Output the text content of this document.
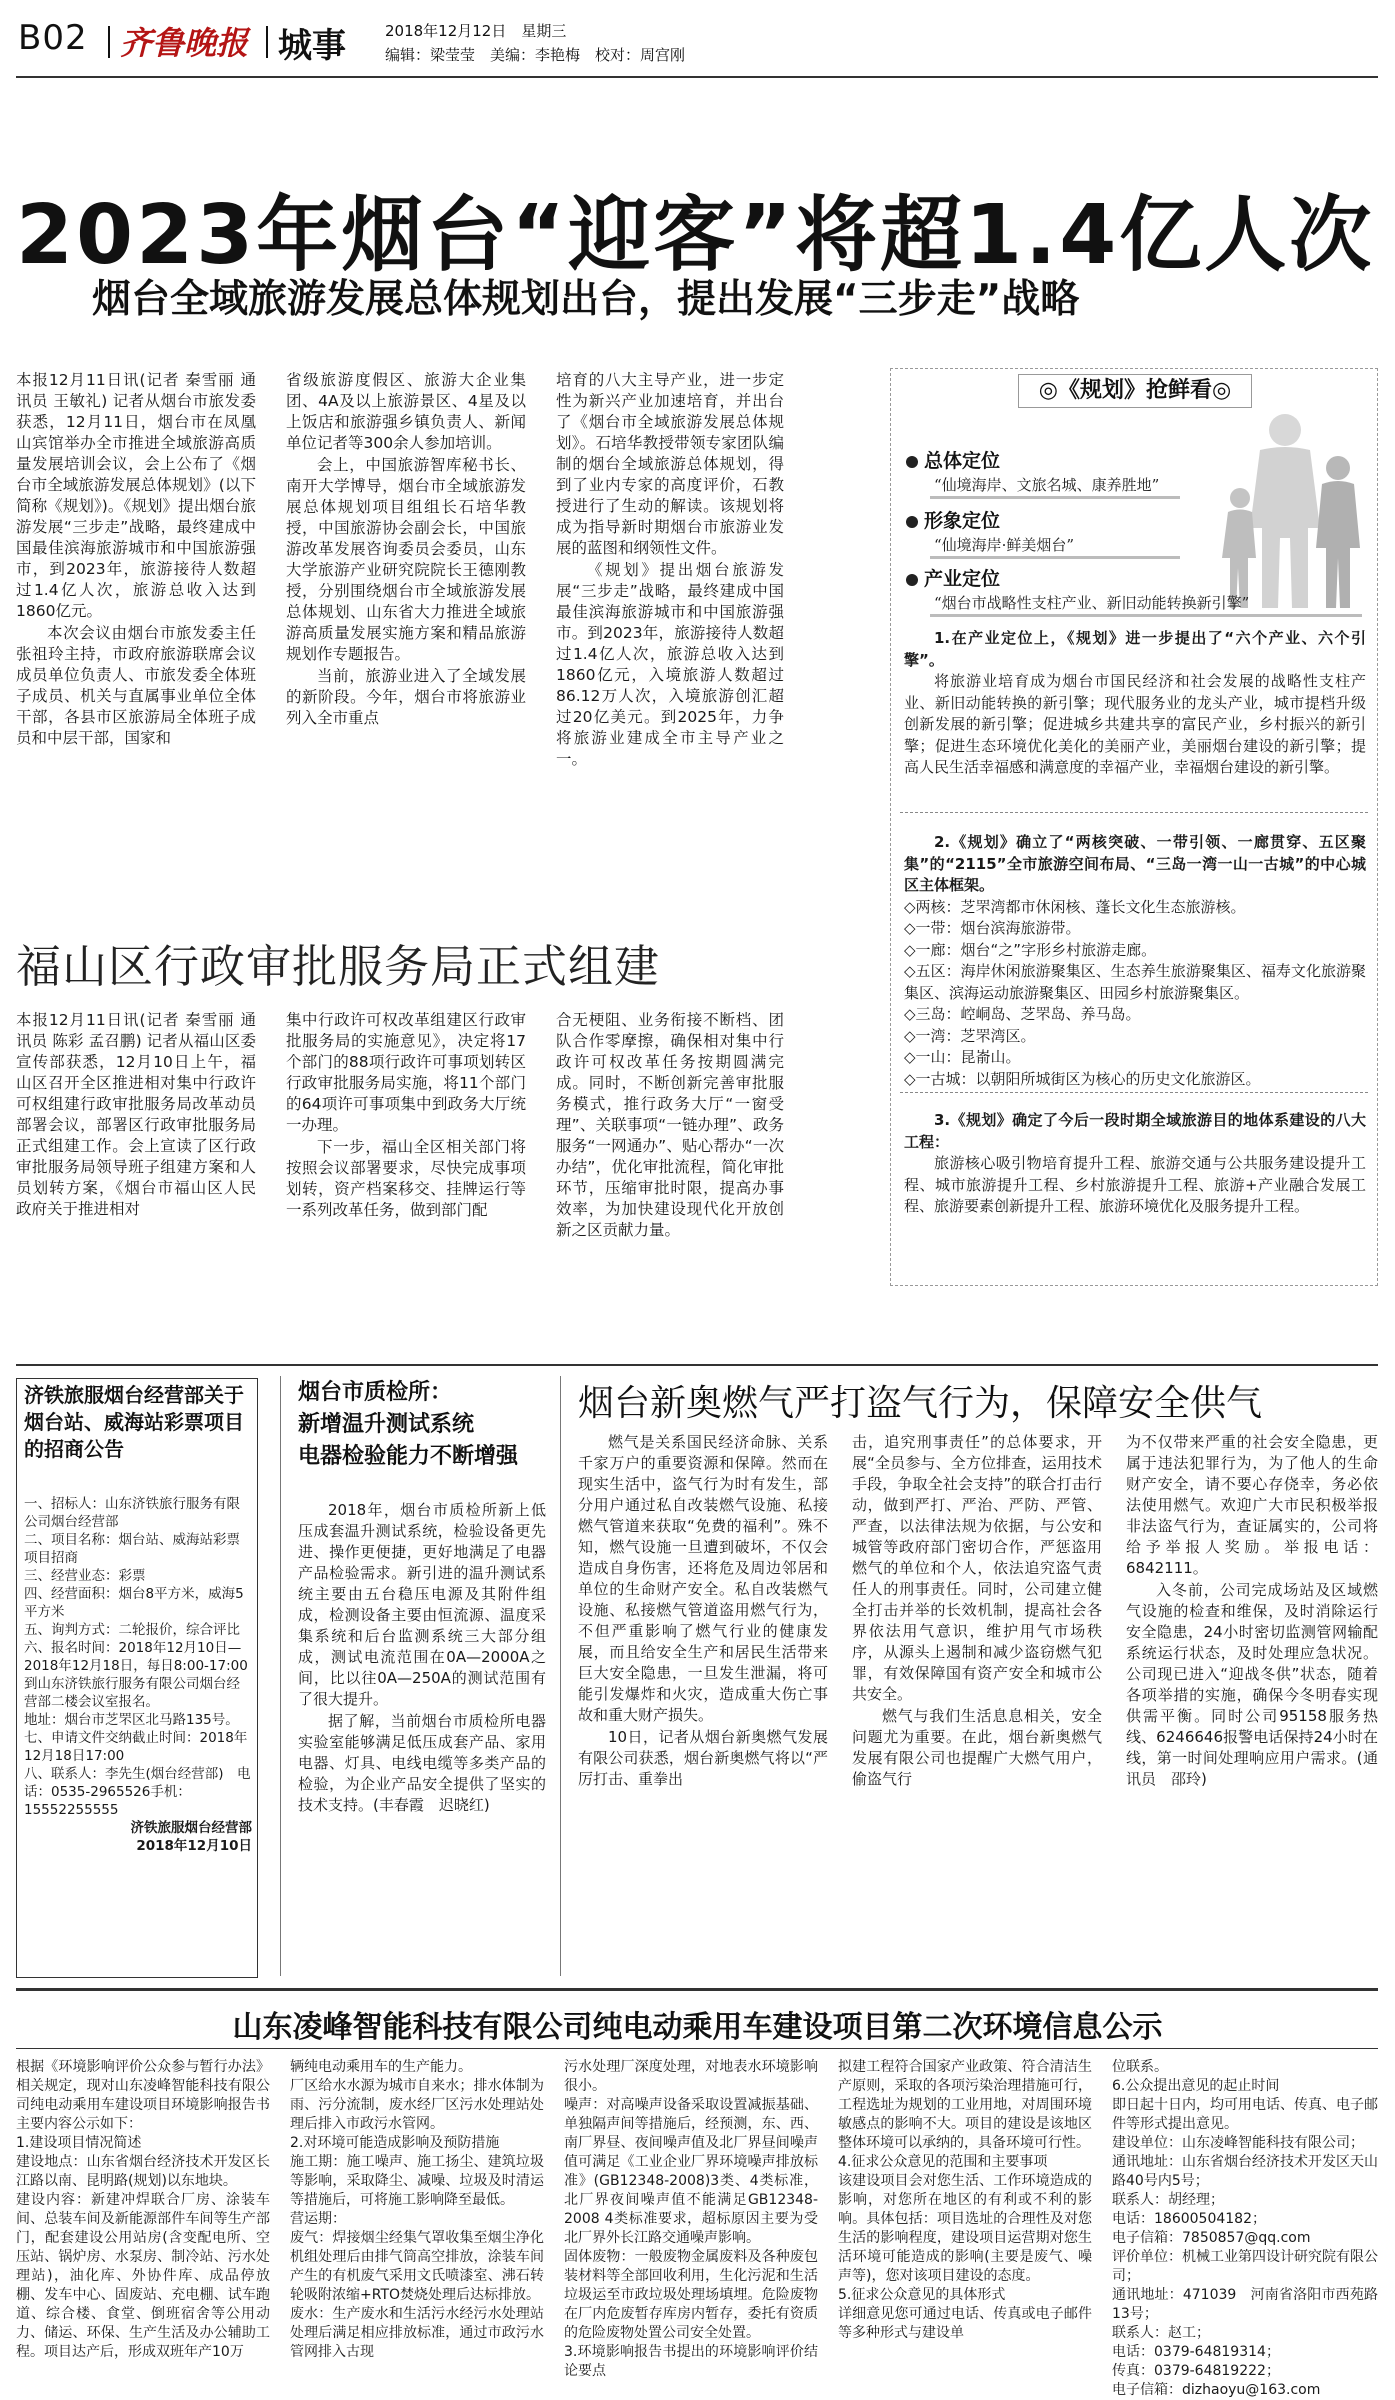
B02 齐鲁晚报 城事	2018年12月12日　星期三
编辑：梁莹莹　美编：李艳梅　校对：周宫刚
2023年烟台“迎客”将超1.4亿人次
烟台全域旅游发展总体规划出台，提出发展“三步走”战略

本报12月11日讯(记者 秦雪丽 通讯员 王敏礼) 记者从烟台市旅发委获悉，12月11日，烟台市在凤凰山宾馆举办全市推进全域旅游高质量发展培训会议，会上公布了《烟台市全域旅游发展总体规划》(以下简称《规划》)。《规划》提出烟台旅游发展“三步走”战略，最终建成中国最佳滨海旅游城市和中国旅游强市，到2023年，旅游接待人数超过1.4亿人次，旅游总收入达到1860亿元。

本次会议由烟台市旅发委主任张祖玲主持，市政府旅游联席会议成员单位负责人、市旅发委全体班子成员、机关与直属事业单位全体干部，各县市区旅游局全体班子成员和中层干部，国家和

省级旅游度假区、旅游大企业集团、4A及以上旅游景区、4星及以上饭店和旅游强乡镇负责人、新闻单位记者等300余人参加培训。

会上，中国旅游智库秘书长、南开大学博导，烟台市全域旅游发展总体规划项目组组长石培华教授，中国旅游协会副会长，中国旅游改革发展咨询委员会委员，山东大学旅游产业研究院院长王德刚教授，分别围绕烟台市全域旅游发展总体规划、山东省大力推进全域旅游高质量发展实施方案和精品旅游规划作专题报告。

当前，旅游业进入了全域发展的新阶段。今年，烟台市将旅游业列入全市重点

培育的八大主导产业，进一步定性为新兴产业加速培育，并出台了《烟台市全域旅游发展总体规划》。石培华教授带领专家团队编制的烟台全域旅游总体规划，得到了业内专家的高度评价，石教授进行了生动的解读。该规划将成为指导新时期烟台市旅游业发展的蓝图和纲领性文件。

《规划》提出烟台旅游发展“三步走”战略，最终建成中国最佳滨海旅游城市和中国旅游强市。到2023年，旅游接待人数超过1.4亿人次，旅游总收入达到1860亿元，入境旅游人数超过86.12万人次，入境旅游创汇超过20亿美元。到2025年，力争将旅游业建成全市主导产业之一。

◎《规划》抢鲜看◎
总体定位
“仙境海岸、文旅名城、康养胜地”
形象定位
“仙境海岸·鲜美烟台”
产业定位
“烟台市战略性支柱产业、新旧动能转换新引擎”

1.在产业定位上，《规划》进一步提出了“六个产业、六个引擎”。

将旅游业培育成为烟台市国民经济和社会发展的战略性支柱产业、新旧动能转换的新引擎；现代服务业的龙头产业，城市提档升级创新发展的新引擎；促进城乡共建共享的富民产业，乡村振兴的新引擎；促进生态环境优化美化的美丽产业，美丽烟台建设的新引擎；提高人民生活幸福感和满意度的幸福产业，幸福烟台建设的新引擎。

2.《规划》确立了“两核突破、一带引领、一廊贯穿、五区聚集”的“2115”全市旅游空间布局、“三岛一湾一山一古城”的中心城区主体框架。

◇两核：芝罘湾都市休闲核、蓬长文化生态旅游核。

◇一带：烟台滨海旅游带。

◇一廊：烟台“之”字形乡村旅游走廊。

◇五区：海岸休闲旅游聚集区、生态养生旅游聚集区、福寿文化旅游聚集区、滨海运动旅游聚集区、田园乡村旅游聚集区。

◇三岛：崆峒岛、芝罘岛、养马岛。

◇一湾：芝罘湾区。

◇一山：昆嵛山。

◇一古城：以朝阳所城街区为核心的历史文化旅游区。

3.《规划》确定了今后一段时期全域旅游目的地体系建设的八大工程：

旅游核心吸引物培育提升工程、旅游交通与公共服务建设提升工程、城市旅游提升工程、乡村旅游提升工程、旅游+产业融合发展工程、旅游要素创新提升工程、旅游环境优化及服务提升工程。

福山区行政审批服务局正式组建

本报12月11日讯(记者 秦雪丽 通讯员 陈彩 孟召鹏) 记者从福山区委宣传部获悉，12月10日上午，福山区召开全区推进相对集中行政许可权组建行政审批服务局改革动员部署会议，部署区行政审批服务局正式组建工作。会上宣读了区行政审批服务局领导班子组建方案和人员划转方案，《烟台市福山区人民政府关于推进相对

集中行政许可权改革组建区行政审批服务局的实施意见》，决定将17个部门的88项行政许可事项划转区行政审批服务局实施，将11个部门的64项许可事项集中到政务大厅统一办理。

下一步，福山全区相关部门将按照会议部署要求，尽快完成事项划转，资产档案移交、挂牌运行等一系列改革任务，做到部门配

合无梗阻、业务衔接不断档、团队合作零摩擦，确保相对集中行政许可权改革任务按期圆满完成。同时，不断创新完善审批服务模式，推行政务大厅“一窗受理”、关联事项“一链办理”、政务服务“一网通办”、贴心帮办“一次办结”，优化审批流程，简化审批环节，压缩审批时限，提高办事效率，为加快建设现代化开放创新之区贡献力量。

济铁旅服烟台经营部关于烟台站、威海站彩票项目的招商公告
一、招标人：山东济铁旅行服务有限公司烟台经营部
二、项目名称：烟台站、威海站彩票项目招商
三、经营业态：彩票
四、经营面积：烟台8平方米，威海5平方米
五、询判方式：二轮报价，综合评比
六、报名时间：2018年12月10日—2018年12月18日，每日8:00-17:00到山东济铁旅行服务有限公司烟台经营部二楼会议室报名。
地址：烟台市芝罘区北马路135号。
七、申请文件交纳截止时间：2018年12月18日17:00
八、联系人：李先生(烟台经营部)　电话：0535-2965526手机：15552255555
济铁旅服烟台经营部
2018年12月10日
烟台市质检所：
新增温升测试系统
电器检验能力不断增强

2018年，烟台市质检所新上低压成套温升测试系统，检验设备更先进、操作更便捷，更好地满足了电器产品检验需求。新引进的温升测试系统主要由五台稳压电源及其附件组成，检测设备主要由恒流源、温度采集系统和后台监测系统三大部分组成，测试电流范围在0A—2000A之间，比以往0A—250A的测试范围有了很大提升。

据了解，当前烟台市质检所电器实验室能够满足低压成套产品、家用电器、灯具、电线电缆等多类产品的检验，为企业产品安全提供了坚实的技术支持。(丰春霞　迟晓红)

烟台新奥燃气严打盗气行为，保障安全供气

燃气是关系国民经济命脉、关系千家万户的重要资源和保障。然而在现实生活中，盗气行为时有发生，部分用户通过私自改装燃气设施、私接燃气管道来获取“免费的福利”。殊不知，燃气设施一旦遭到破坏，不仅会造成自身伤害，还将危及周边邻居和单位的生命财产安全。私自改装燃气设施、私接燃气管道盗用燃气行为，不但严重影响了燃气行业的健康发展，而且给安全生产和居民生活带来巨大安全隐患，一旦发生泄漏，将可能引发爆炸和火灾，造成重大伤亡事故和重大财产损失。

10日，记者从烟台新奥燃气发展有限公司获悉，烟台新奥燃气将以“严厉打击、重拳出

击，追究刑事责任”的总体要求，开展“全员参与、全方位排查，运用技术手段，争取全社会支持”的联合打击行动，做到严打、严治、严防、严管、严查，以法律法规为依据，与公安和城管等政府部门密切合作，严惩盗用燃气的单位和个人，依法追究盗气责任人的刑事责任。同时，公司建立健全打击并举的长效机制，提高社会各界依法用气意识，维护用气市场秩序，从源头上遏制和减少盗窃燃气犯罪，有效保障国有资产安全和城市公共安全。

燃气与我们生活息息相关，安全问题尤为重要。在此，烟台新奥燃气发展有限公司也提醒广大燃气用户，偷盗气行

为不仅带来严重的社会安全隐患，更属于违法犯罪行为，为了他人的生命财产安全，请不要心存侥幸，务必依法使用燃气。欢迎广大市民积极举报非法盗气行为，查证属实的，公司将给予举报人奖励。举报电话：6842111。

入冬前，公司完成场站及区域燃气设施的检查和维保，及时消除运行安全隐患，24小时密切监测管网输配系统运行状态，及时处理应急状况。公司现已进入“迎战冬供”状态，随着各项举措的实施，确保今冬明春实现供需平衡。同时公司95158服务热线、6246646报警电话保持24小时在线，第一时间处理响应用户需求。(通讯员　邵玲)

山东凌峰智能科技有限公司纯电动乘用车建设项目第二次环境信息公示
根据《环境影响评价公众参与暂行办法》相关规定，现对山东凌峰智能科技有限公司纯电动乘用车建设项目环境影响报告书主要内容公示如下：
1.建设项目情况简述
建设地点：山东省烟台经济技术开发区长江路以南、昆明路(规划)以东地块。
建设内容：新建冲焊联合厂房、涂装车间、总装车间及新能源部件车间等生产部门，配套建设公用站房(含变配电所、空压站、锅炉房、水泵房、制冷站、污水处理站)，油化库、外协件库、成品停放棚、发车中心、固废站、充电棚、试车跑道、综合楼、食堂、倒班宿舍等公用动力、储运、环保、生产生活及办公辅助工程。项目达产后，形成双班年产10万
辆纯电动乘用车的生产能力。
厂区给水水源为城市自来水；排水体制为雨、污分流制，废水经厂区污水处理站处理后排入市政污水管网。
2.对环境可能造成影响及预防措施
施工期：施工噪声、施工扬尘、建筑垃圾等影响，采取降尘、减噪、垃圾及时清运等措施后，可将施工影响降至最低。
营运期：
废气：焊接烟尘经集气罩收集至烟尘净化机组处理后由排气筒高空排放，涂装车间产生的有机废气采用文氏喷漆室、沸石转轮吸附浓缩+RTO焚烧处理后达标排放。
废水：生产废水和生活污水经污水处理站处理后满足相应排放标准，通过市政污水管网排入古现
污水处理厂深度处理，对地表水环境影响很小。
噪声：对高噪声设备采取设置减振基础、单独隔声间等措施后，经预测，东、西、南厂界昼、夜间噪声值及北厂界昼间噪声值可满足《工业企业厂界环境噪声排放标准》(GB12348-2008)3类、4类标准，北厂界夜间噪声值不能满足GB12348-2008 4类标准要求，超标原因主要为受北厂界外长江路交通噪声影响。
固体废物：一般废物金属废料及各种废包装材料等全部回收利用，生化污泥和生活垃圾运至市政垃圾处理场填埋。危险废物在厂内危废暂存库房内暂存，委托有资质的危险废物处置公司安全处置。
3.环境影响报告书提出的环境影响评价结论要点
拟建工程符合国家产业政策、符合清洁生产原则，采取的各项污染治理措施可行，工程选址为规划的工业用地，对周围环境敏感点的影响不大。项目的建设是该地区整体环境可以承纳的，具备环境可行性。
4.征求公众意见的范围和主要事项
该建设项目会对您生活、工作环境造成的影响，对您所在地区的有利或不利的影响。具体包括：项目选址的合理性及对您生活的影响程度，建设项目运营期对您生活环境可能造成的影响(主要是废气、噪声等)，您对该项目建设的态度。
5.征求公众意见的具体形式
详细意见您可通过电话、传真或电子邮件等多种形式与建设单
位联系。
6.公众提出意见的起止时间
即日起十日内，均可用电话、传真、电子邮件等形式提出意见。
建设单位：山东凌峰智能科技有限公司；
通讯地址：山东省烟台经济技术开发区天山路40号内5号；
联系人：胡经理；
电话：18600504182；
电子信箱：7850857@qq.com
评价单位：机械工业第四设计研究院有限公司；
通讯地址：471039　河南省洛阳市西苑路13号；
联系人：赵工；
电话：0379-64819314；
传真：0379-64819222；
电子信箱：dizhaoyu@163.com
